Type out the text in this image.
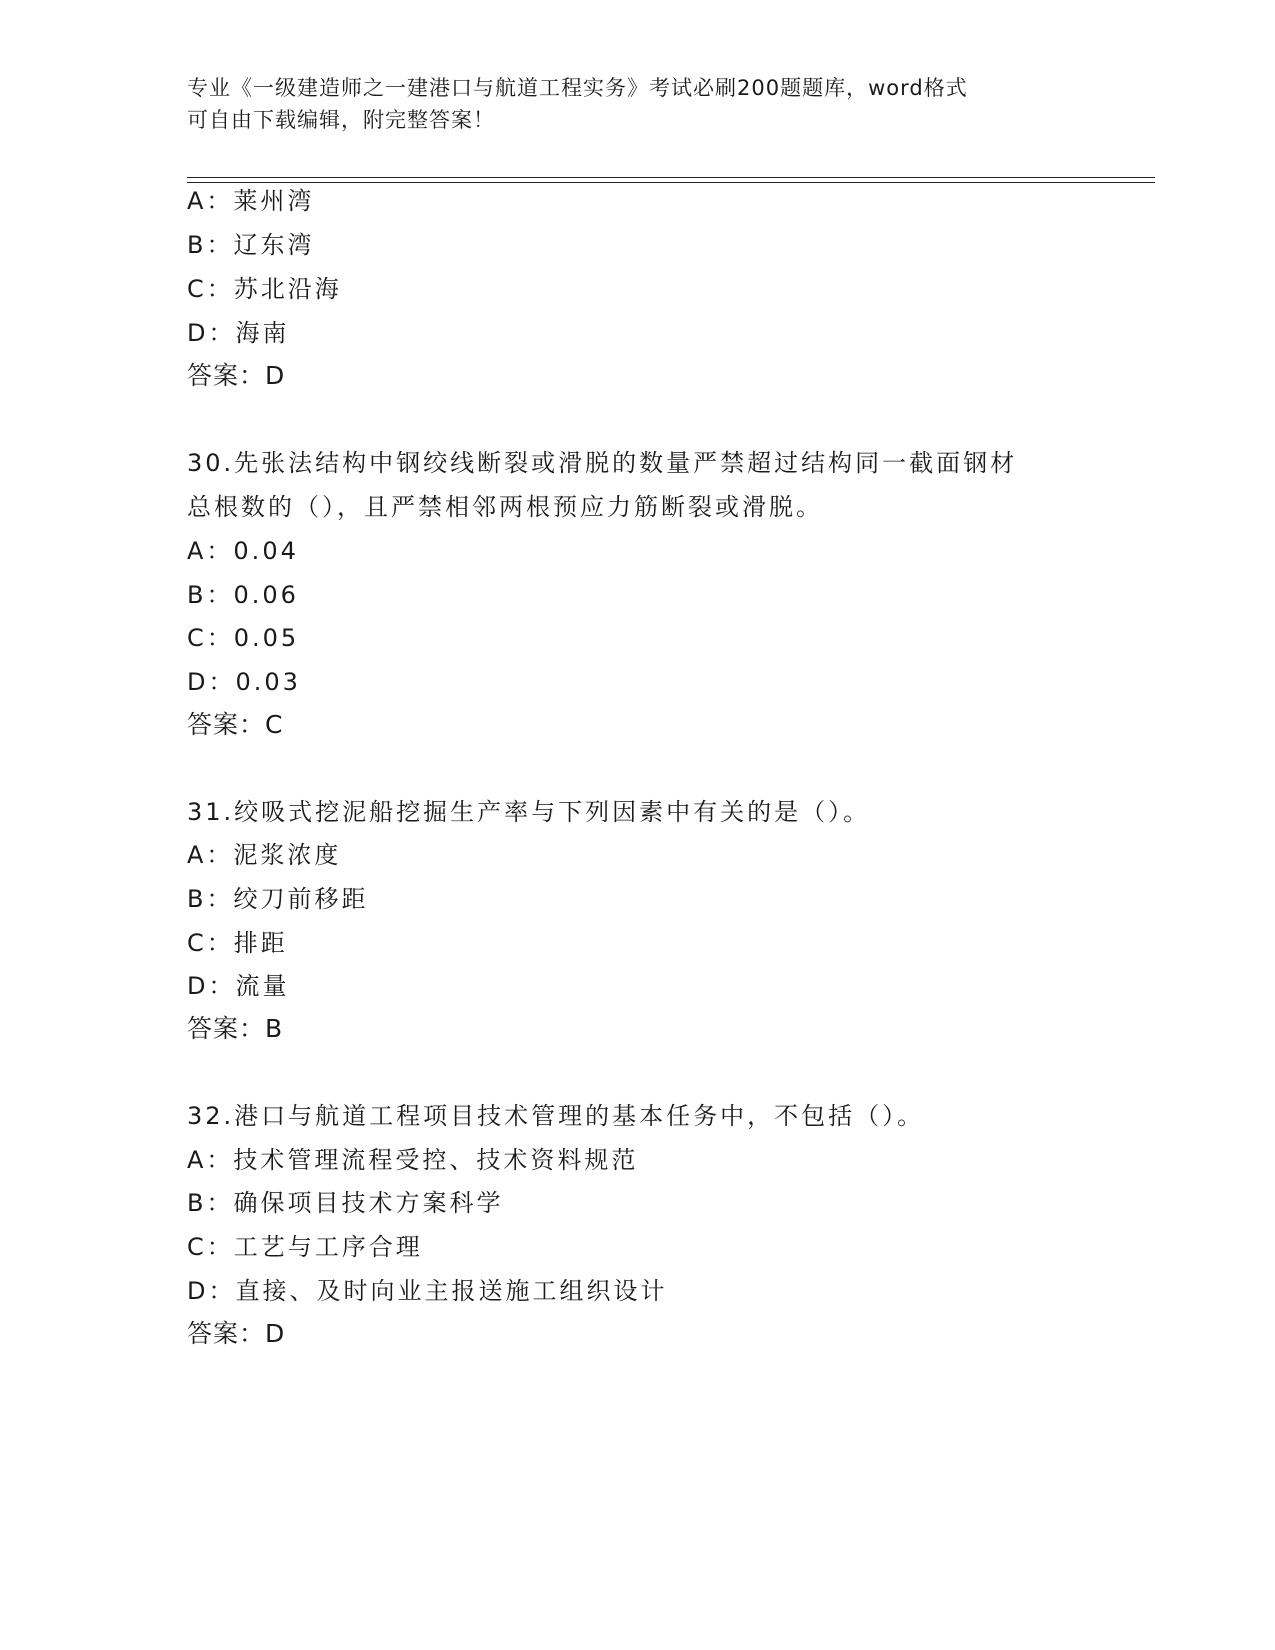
专业《一级建造师之一建港口与航道工程实务》考试必刷200题题库，word格式
可自由下载编辑，附完整答案！
A：莱州湾
B：辽东湾
C：苏北沿海
D：海南
答案：D
30.先张法结构中钢绞线断裂或滑脱的数量严禁超过结构同一截面钢材
总根数的（），且严禁相邻两根预应力筋断裂或滑脱。
A：0.04
B：0.06
C：0.05
D：0.03
答案：C
31.绞吸式挖泥船挖掘生产率与下列因素中有关的是（）。
A：泥浆浓度
B：绞刀前移距
C：排距
D：流量
答案：B
32.港口与航道工程项目技术管理的基本任务中，不包括（）。
A：技术管理流程受控、技术资料规范
B：确保项目技术方案科学
C：工艺与工序合理
D：直接、及时向业主报送施工组织设计
答案：D
